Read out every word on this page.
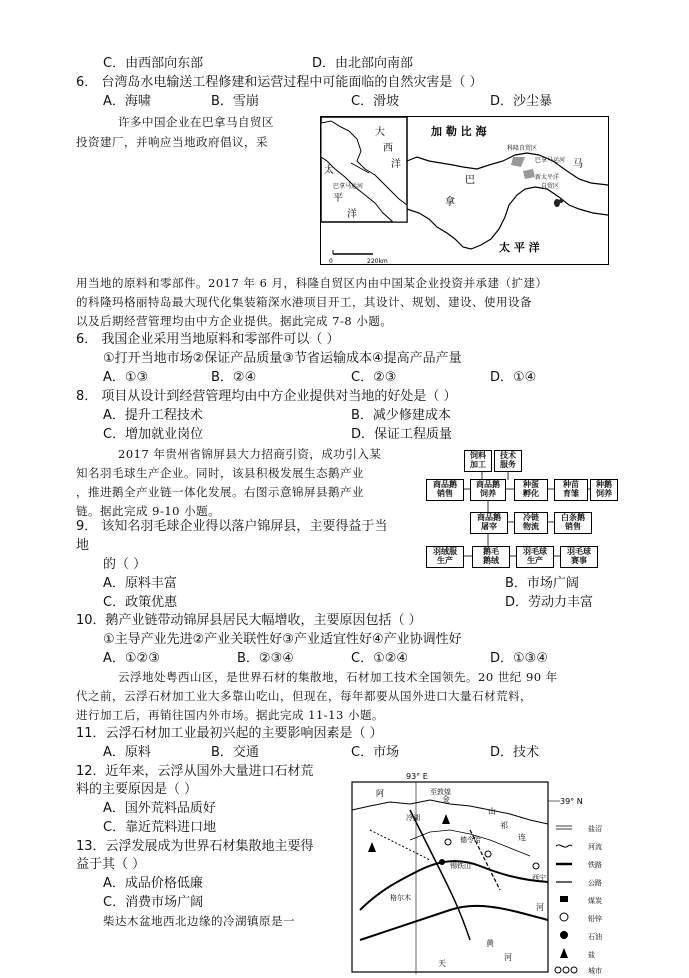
C．由西部向东部	D．由北部向南部
6． 台湾岛水电输送工程修建和运营过程中可能面临的自然灾害是（ ）
A．海啸	B．雪崩	C．滑坡	D．沙尘暴
许多中国企业在巴拿马自贸区
投资建厂，并响应当地政府倡议，采
0	220km
加 勒 比 海
太 平 洋
大
西
洋
太
平
洋
巴拿马运河
科隆自贸区
巴拿马运河
新太平洋
自贸区
巴
拿
马
用当地的原料和零部件。2017 年 6 月，科隆自贸区内由中国某企业投资并承建（扩建）
的科隆玛格丽特岛最大现代化集装箱深水港项目开工，其设计、规划、建设、使用设备
以及后期经营管理均由中方企业提供。据此完成 7-8 小题。
6． 我国企业采用当地原料和零部件可以（ ）
①打开当地市场②保证产品质量③节省运输成本④提高产品产量
A．①③	B．②④	C．②③	D．①④
8． 项目从设计到经营管理均由中方企业提供对当地的好处是（ ）
A．提升工程技术	B．减少修建成本
C．增加就业岗位	D．保证工程质量
2017 年贵州省锦屏县大力招商引资，成功引入某
知名羽毛球生产企业。同时，该县积极发展生态鹅产业
，推进鹅全产业链一体化发展。右图示意锦屏县鹅产业
链。据此完成 9-10 小题。
饲料
加工
技术
服务
商品鹅
销售
商品鹅
饲养
种蛋
孵化
种苗
育雏
种鹅
饲养
商品鹅
屠宰
冷链
物流
白条鹅
销售
羽绒服
生产
鹅毛
鹅绒
羽毛球
生产
羽毛球
赛事
9． 该知名羽毛球企业得以落户锦屏县，主要得益于当
地
的（ ）
A．原料丰富	B．市场广阔
C．政策优惠	D．劳动力丰富
10．鹅产业链带动锦屏县居民大幅增收，主要原因包括（ ）
①主导产业先进②产业关联性好③产业适宜性好④产业协调性好
A．①②③	B．②③④	C．①②④	D．①③④
云浮地处粤西山区，是世界石材的集散地，石材加工技术全国领先。20 世纪 90 年
代之前，云浮石材加工业大多靠山吃山，但现在，每年都要从国外进口大量石材荒料，
进行加工后，再销往国内外市场。据此完成 11-13 小题。
11．云浮石材加工业最初兴起的主要影响因素是（ ）
A．原料	B．交通	C．市场	D．技术
12．近年来，云浮从国外大量进口石材荒
料的主要原因是（ ）
A．国外荒料品质好
C．靠近荒料进口地
13．云浮发展成为世界石材集散地主要得
益于其（ ）
A．成品价格低廉
C．消费市场广阔
柴达木盆地西北边缘的冷湖镇原是一
93° E
39° N
冷湖
至敦煌
德令哈
锡铁山
西宁
格尔木
阿
金
山
祁
连
天
黄
河
河
盐沼
河流
铁路
公路
煤炭
铅锌
石油
盐
城市
